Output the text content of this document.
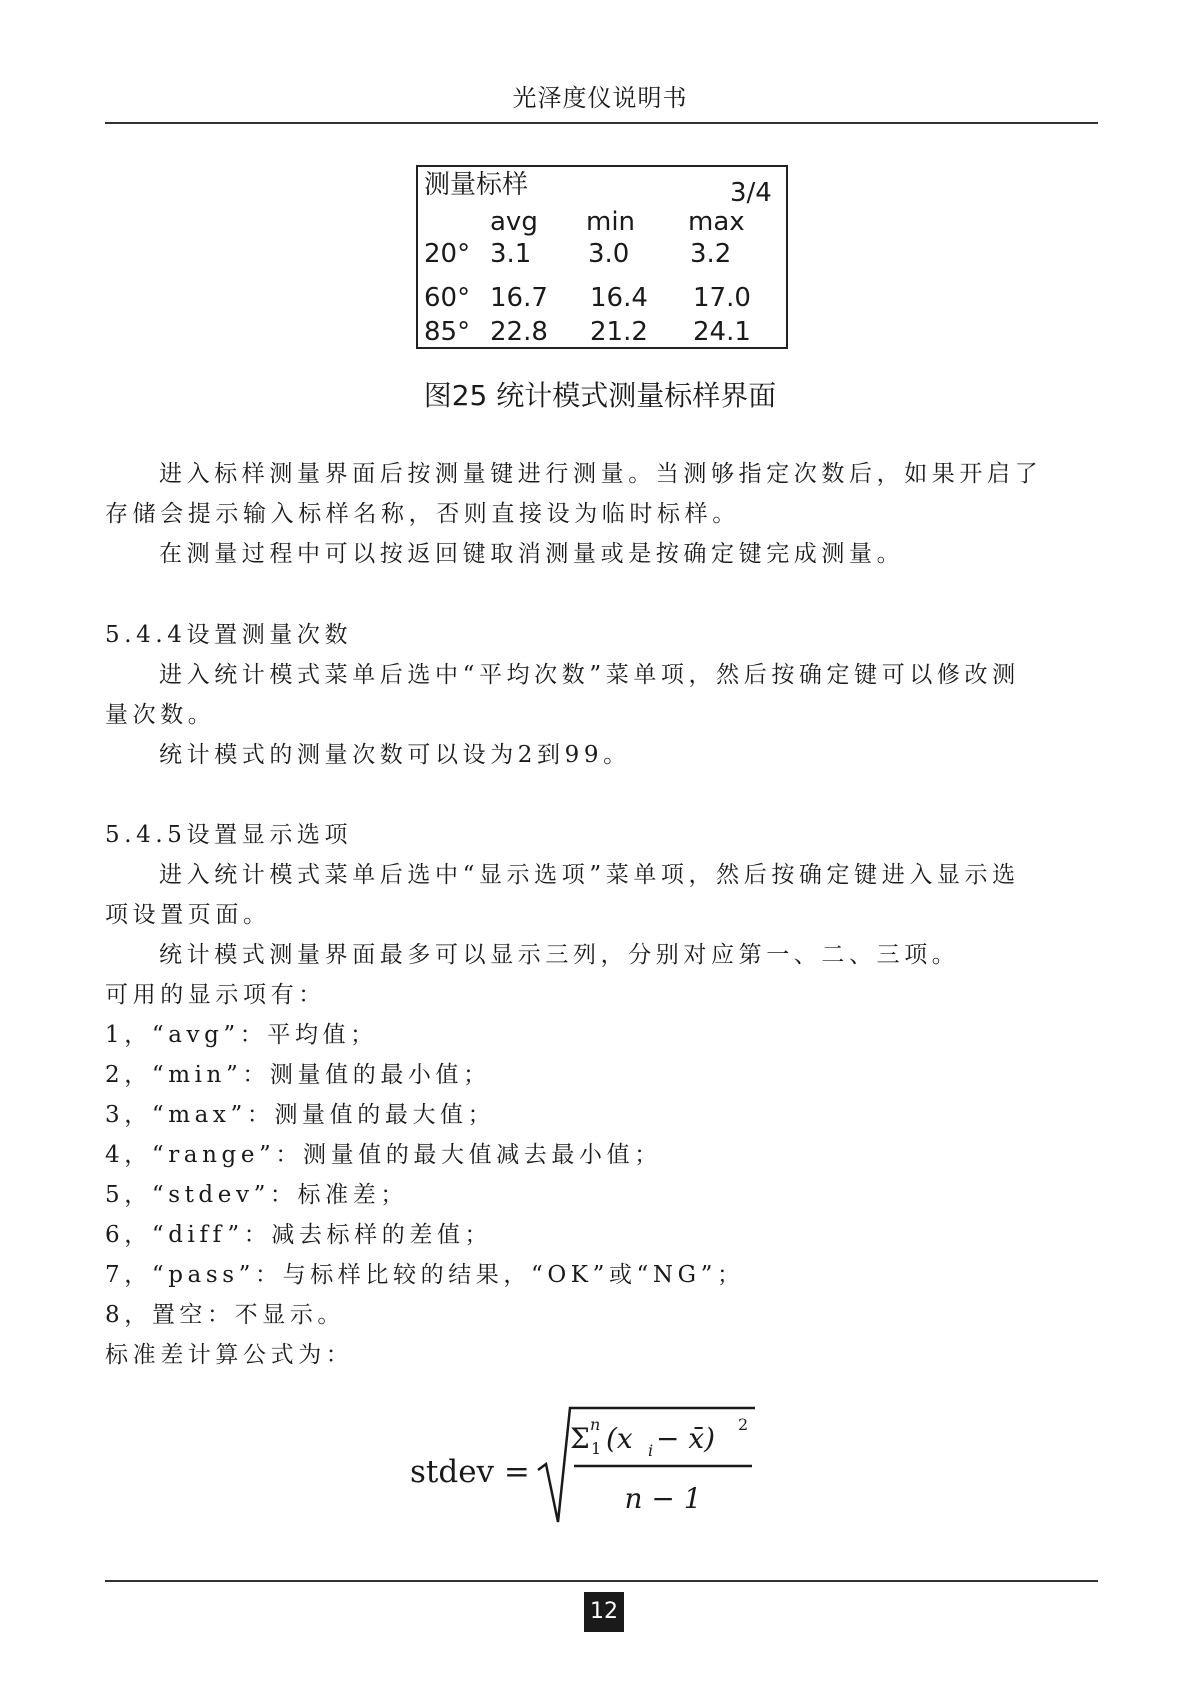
光泽度仪说明书
测量标样	3/4
avg min max
20° 3.1 3.0 3.2
60° 16.7 16.4 17.0
85° 22.8 21.2 24.1
图25 统计模式测量标样界面
进入标样测量界面后按测量键进行测量。当测够指定次数后，如果开启了
存储会提示输入标样名称，否则直接设为临时标样。
在测量过程中可以按返回键取消测量或是按确定键完成测量。
5.4.4设置测量次数
进入统计模式菜单后选中“平均次数”菜单项，然后按确定键可以修改测
量次数。
统计模式的测量次数可以设为2到99。
5.4.5设置显示选项
进入统计模式菜单后选中“显示选项”菜单项，然后按确定键进入显示选
项设置页面。
统计模式测量界面最多可以显示三列，分别对应第一、二、三项。
可用的显示项有：
1，“avg”：平均值；
2，“min”：测量值的最小值；
3，“max”：测量值的最大值；
4，“range”：测量值的最大值减去最小值；
5，“stdev”：标准差；
6，“diff”：减去标样的差值；
7，“pass”：与标样比较的结果，“OK”或“NG”；
8，置空：不显示。
标准差计算公式为：
stdev =
Σ n
1 (x i − x̄) 2
n − 1
12
